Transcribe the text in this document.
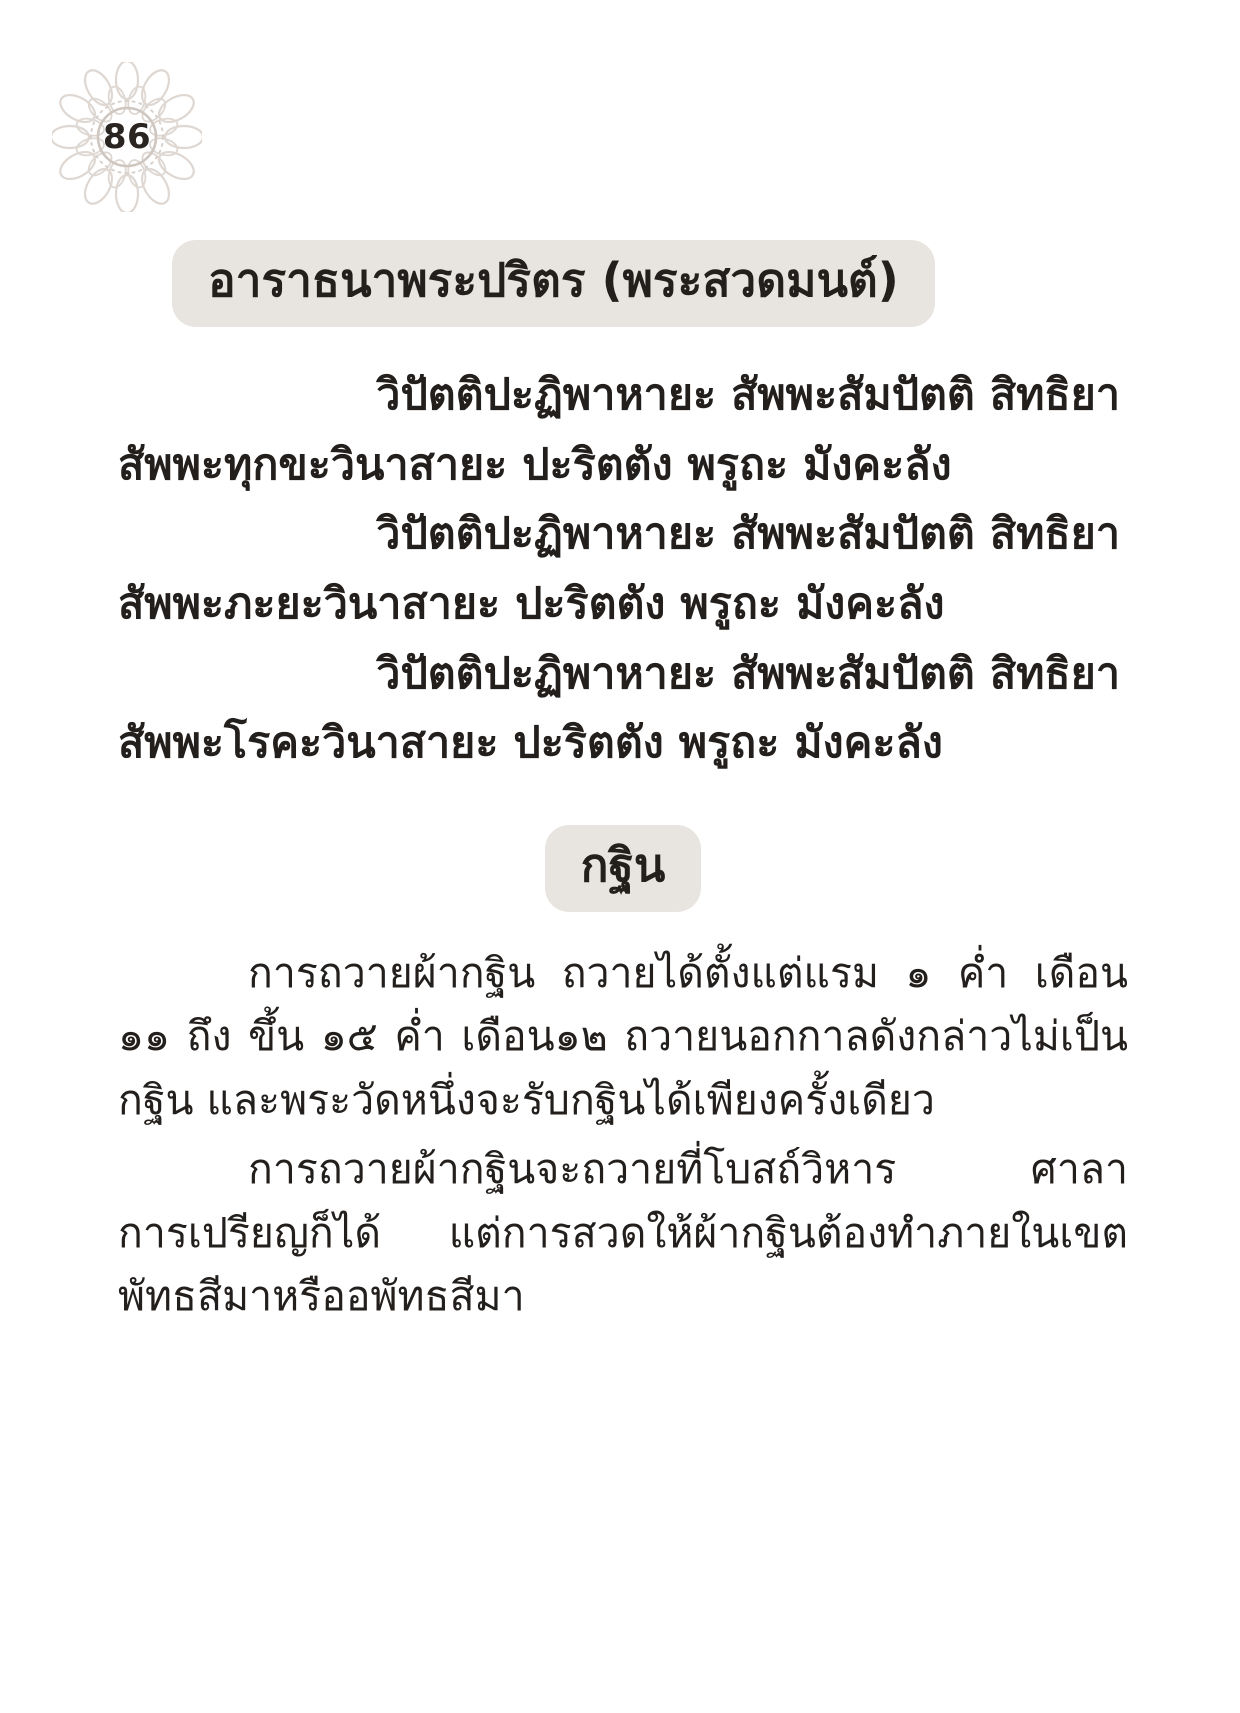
86
อาราธนาพระปริตร (พระสวดมนต์)
วิปัตติปะฏิพาหายะ สัพพะสัมปัตติ สิทธิยา
สัพพะทุกขะวินาสายะ ปะริตตัง พรูถะ มังคะลัง
วิปัตติปะฏิพาหายะ สัพพะสัมปัตติ สิทธิยา
สัพพะภะยะวินาสายะ ปะริตตัง พรูถะ มังคะลัง
วิปัตติปะฏิพาหายะ สัพพะสัมปัตติ สิทธิยา
สัพพะโรคะวินาสายะ ปะริตตัง พรูถะ มังคะลัง
กฐิน

การถวายผ้ากฐิน ถวายได้ตั้งแต่แรม ๑ ค่ำ เดือน ๑๑ ถึง ขึ้น ๑๕ ค่ำ เดือน๑๒ ถวายนอกกาลดังกล่าวไม่เป็นกฐิน และพระวัดหนึ่งจะรับกฐินได้เพียงครั้งเดียว

การถวายผ้ากฐินจะถวายที่โบสถ์วิหาร ศาลาการเปรียญก็ได้ แต่การสวดให้ผ้ากฐินต้องทำภายในเขตพัทธสีมาหรืออพัทธสีมา
